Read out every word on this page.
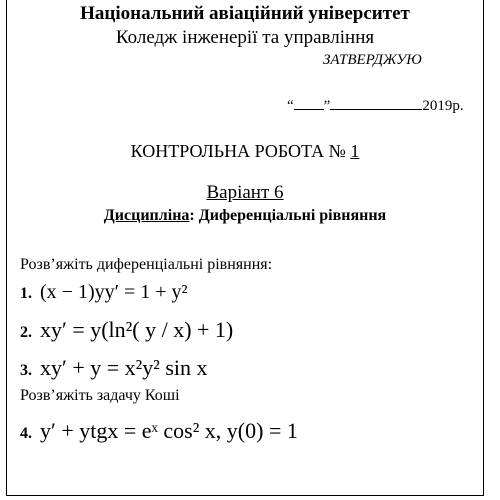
Національний авіаційний університет
Коледж інженерії та управління
ЗАТВЕРДЖУЮ
“ ”	2019р.
КОНТРОЛЬНА РОБОТА № 1
Варіант 6
Дисципліна: Диференціальні рівняння
Розв’яжіть диференціальні рівняння:
1. (x − 1)yy′ = 1 + y²
2. xy′ = y(ln²( y / x) + 1)
3. xy′ + y = x²y² sin x
Розв’яжіть задачу Коші
4. y′ + ytgx = eˣ cos² x, y(0) = 1
